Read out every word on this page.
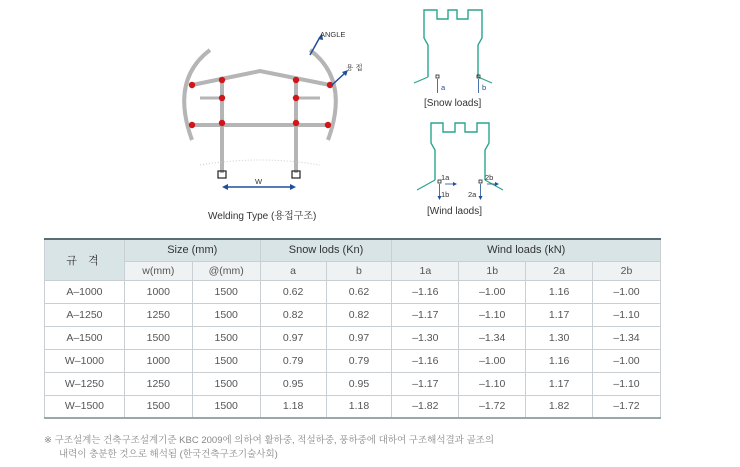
ANGLE
용 접
W
Welding Type (용접구조)
a	b
[Snow loads]
1a
1b
2b
2a
[Wind laods]
규 격	Size (mm)		Snow lods (Kn)		Wind loads (kN)			
	w(mm)	@(mm)	a	b	1a	1b	2a	2b
A–1000	1000	1500	0.62	0.62	–1.16	–1.00	1.16	–1.00
A–1250	1250	1500	0.82	0.82	–1.17	–1.10	1.17	–1.10
A–1500	1500	1500	0.97	0.97	–1.30	–1.34	1.30	–1.34
W–1000	1000	1500	0.79	0.79	–1.16	–1.00	1.16	–1.00
W–1250	1250	1500	0.95	0.95	–1.17	–1.10	1.17	–1.10
W–1500	1500	1500	1.18	1.18	–1.82	–1.72	1.82	–1.72
※ 구조설계는 건축구조설계기준 KBC 2009에 의하여 활하중, 적설하중, 풍하중에 대하여 구조해석결과 골조의
내력이 충분한 것으로 해석됨 (한국건축구조기술사회)
